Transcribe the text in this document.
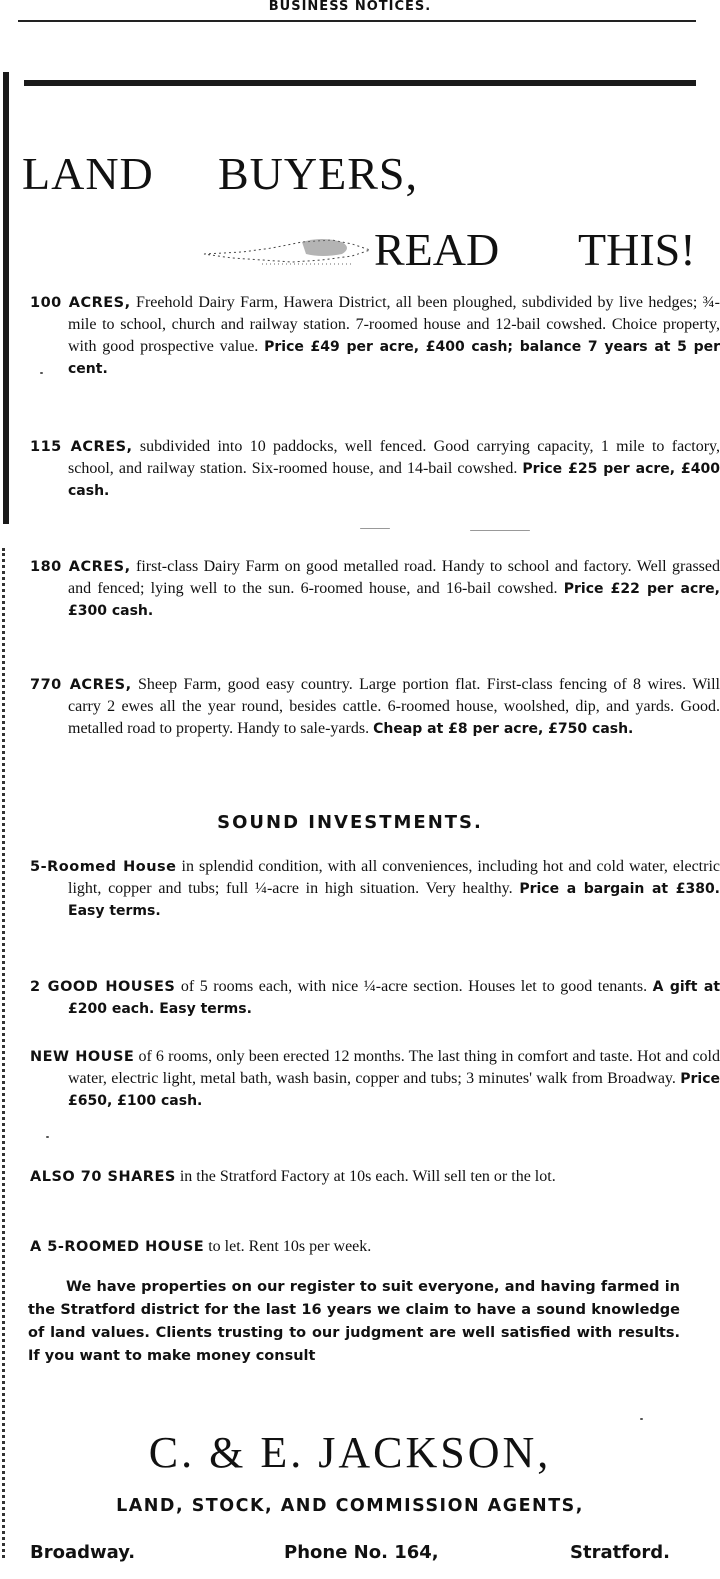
BUSINESS NOTICES.
LAND BUYERS,
READ THIS!
100 ACRES, Freehold Dairy Farm, Hawera District, all been ploughed, subdivided by live hedges; ¾-mile to school, church and railway station. 7-roomed house and 12-bail cowshed. Choice property, with good prospective value. Price £49 per acre, £400 cash; balance 7 years at 5 per cent.
115 ACRES, subdivided into 10 paddocks, well fenced. Good carrying capacity, 1 mile to factory, school, and railway station. Six-roomed house, and 14-bail cowshed. Price £25 per acre, £400 cash.
180 ACRES, first-class Dairy Farm on good metalled road. Handy to school and factory. Well grassed and fenced; lying well to the sun. 6-roomed house, and 16-bail cowshed. Price £22 per acre, £300 cash.
770 ACRES, Sheep Farm, good easy country. Large portion flat. First-class fencing of 8 wires. Will carry 2 ewes all the year round, besides cattle. 6-roomed house, woolshed, dip, and yards. Good. metalled road to property. Handy to sale-yards. Cheap at £8 per acre, £750 cash.
SOUND INVESTMENTS.
5-Roomed House in splendid condition, with all conveniences, including hot and cold water, electric light, copper and tubs; full ¼-acre in high situation. Very healthy. Price a bargain at £380. Easy terms.
2 GOOD HOUSES of 5 rooms each, with nice ¼-acre section. Houses let to good tenants. A gift at £200 each. Easy terms.
NEW HOUSE of 6 rooms, only been erected 12 months. The last thing in comfort and taste. Hot and cold water, electric light, metal bath, wash basin, copper and tubs; 3 minutes' walk from Broadway. Price £650, £100 cash.
ALSO 70 SHARES in the Stratford Factory at 10s each. Will sell ten or the lot.
A 5-ROOMED HOUSE to let. Rent 10s per week.
We have properties on our register to suit everyone, and having farmed in the Stratford district for the last 16 years we claim to have a sound knowledge of land values. Clients trusting to our judgment are well satisfied with results. If you want to make money consult
C. & E. JACKSON,
LAND, STOCK, AND COMMISSION AGENTS,
Broadway.	Phone No. 164,	Stratford.
